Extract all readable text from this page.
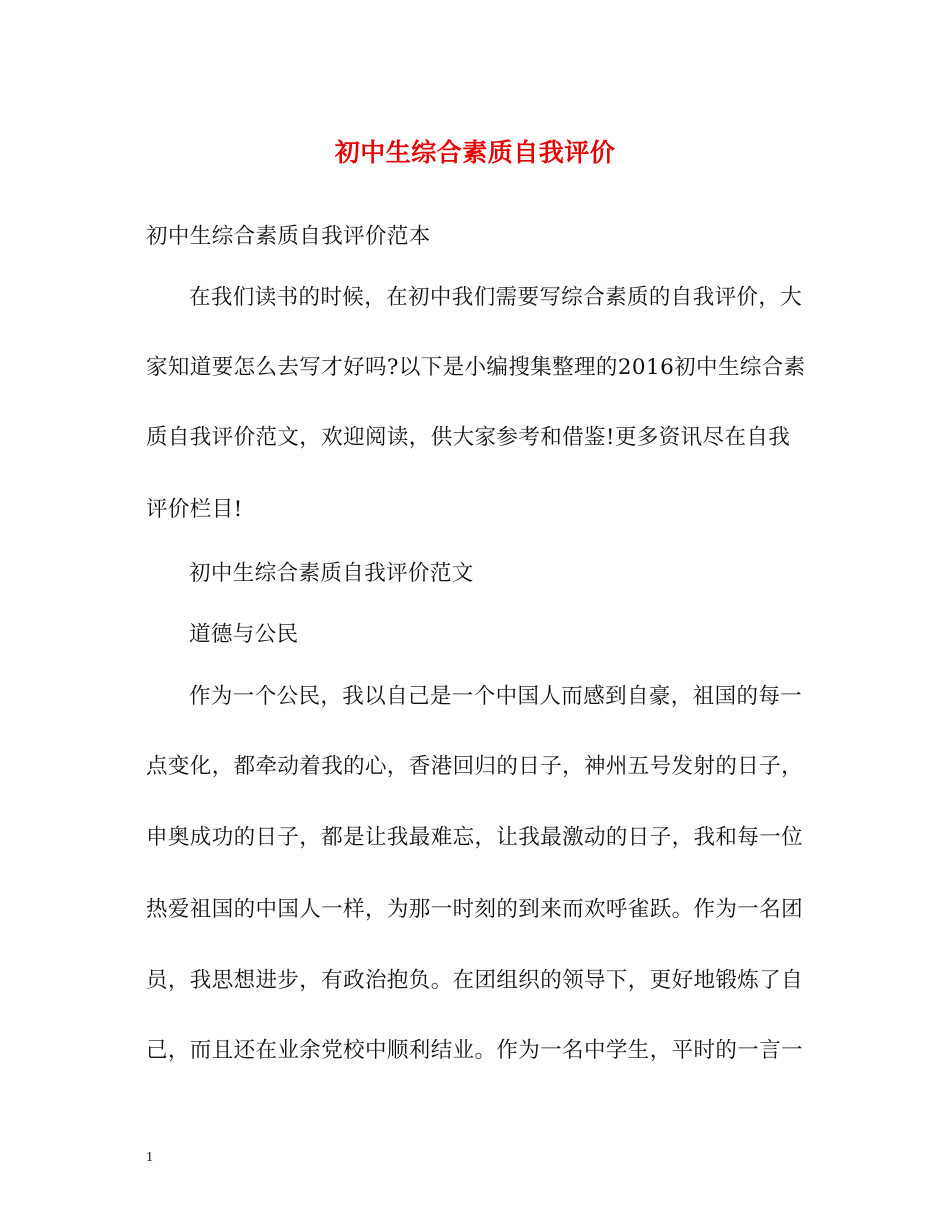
初中生综合素质自我评价
初中生综合素质自我评价范本
在我们读书的时候，在初中我们需要写综合素质的自我评价，大
家知道要怎么去写才好吗?以下是小编搜集整理的2016初中生综合素
质自我评价范文，欢迎阅读，供大家参考和借鉴!更多资讯尽在自我
评价栏目!
初中生综合素质自我评价范文
道德与公民
作为一个公民，我以自己是一个中国人而感到自豪，祖国的每一
点变化，都牵动着我的心，香港回归的日子，神州五号发射的日子，
申奥成功的日子，都是让我最难忘，让我最激动的日子，我和每一位
热爱祖国的中国人一样，为那一时刻的到来而欢呼雀跃。作为一名团
员，我思想进步，有政治抱负。在团组织的领导下，更好地锻炼了自
己，而且还在业余党校中顺利结业。作为一名中学生，平时的一言一
1
